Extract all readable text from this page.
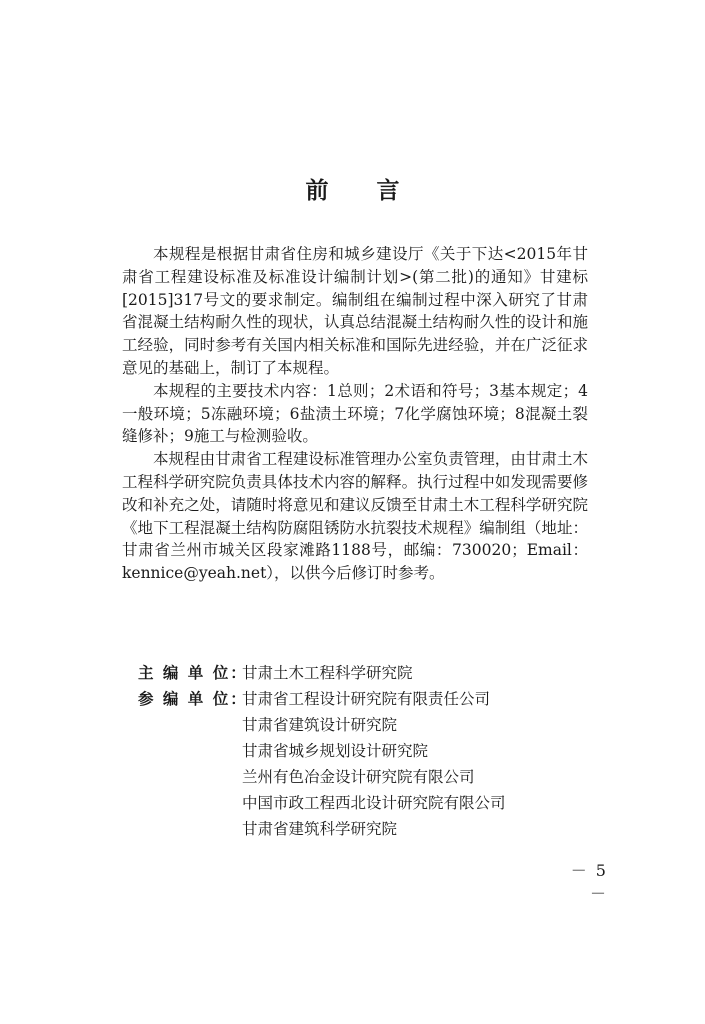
前 言

本规程是根据甘肃省住房和城乡建设厅《关于下达<2015年甘肃省工程建设标准及标准设计编制计划>(第二批)的通知》甘建标[2015]317号文的要求制定。编制组在编制过程中深入研究了甘肃省混凝土结构耐久性的现状，认真总结混凝土结构耐久性的设计和施工经验，同时参考有关国内相关标准和国际先进经验，并在广泛征求意见的基础上，制订了本规程。

本规程的主要技术内容：1总则；2术语和符号；3基本规定；4一般环境；5冻融环境；6盐渍土环境；7化学腐蚀环境；8混凝土裂缝修补；9施工与检测验收。

本规程由甘肃省工程建设标准管理办公室负责管理，由甘肃土木工程科学研究院负责具体技术内容的解释。执行过程中如发现需要修改和补充之处，请随时将意见和建议反馈至甘肃土木工程科学研究院《地下工程混凝土结构防腐阻锈防水抗裂技术规程》编制组（地址：甘肃省兰州市城关区段家滩路1188号，邮编：730020；Email：kennice@yeah.net），以供今后修订时参考。

主 编 单 位：
甘肃土木工程科学研究院
参 编 单 位：
甘肃省工程设计研究院有限责任公司
甘肃省建筑设计研究院
甘肃省城乡规划设计研究院
兰州有色冶金设计研究院有限公司
中国市政工程西北设计研究院有限公司
甘肃省建筑科学研究院
－ 5 －
